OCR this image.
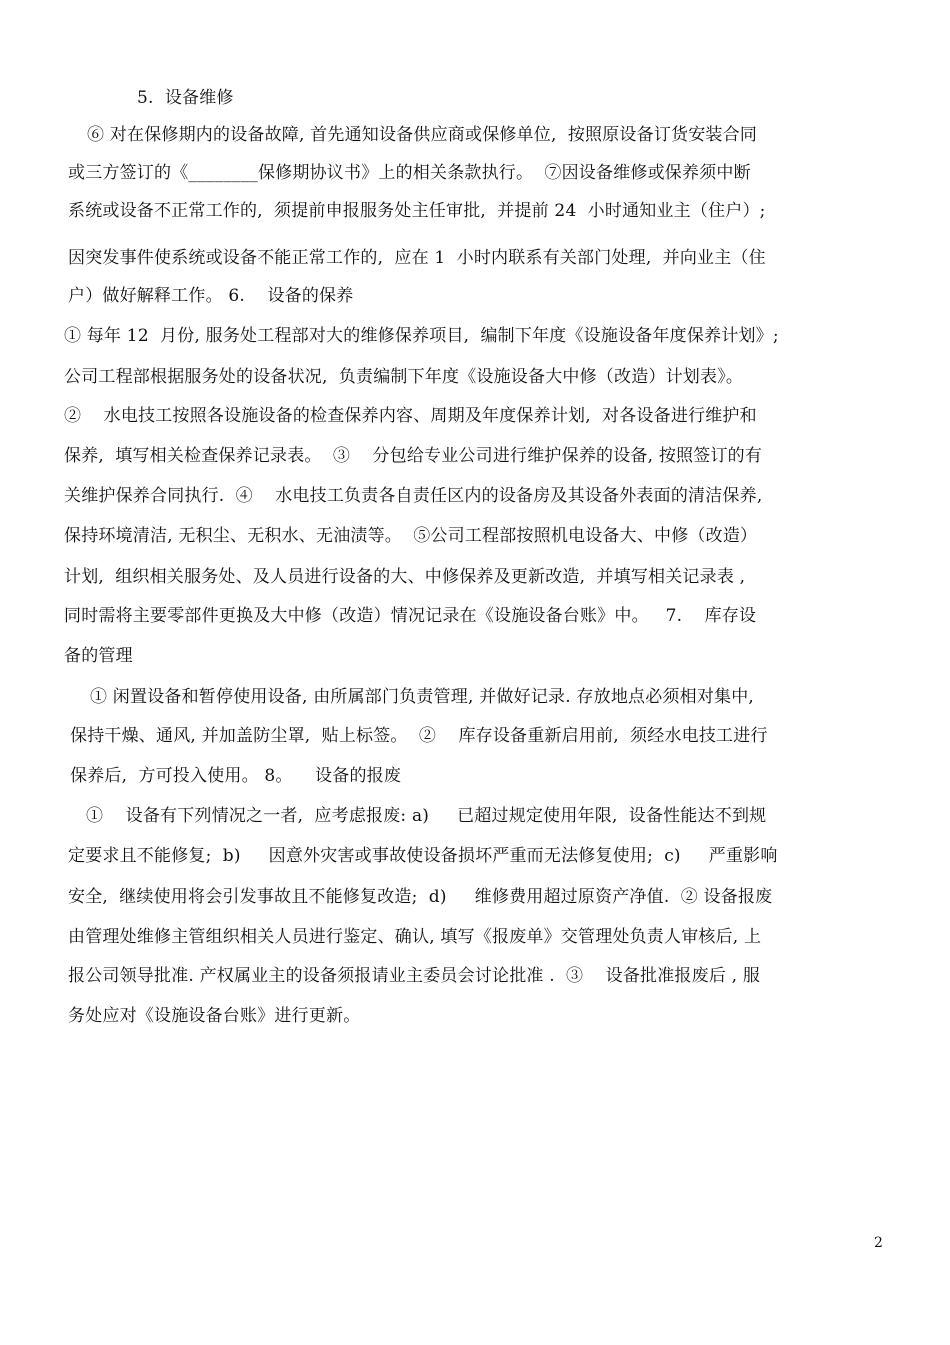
5.  设备维修
⑥ 对在保修期内的设备故障, 首先通知设备供应商或保修单位,  按照原设备订货安装合同
或三方签订的《________保修期协议书》上的相关条款执行。  ⑦因设备维修或保养须中断
系统或设备不正常工作的,  须提前申报服务处主任审批,  并提前 24  小时通知业主（住户）;
因突发事件使系统或设备不能正常工作的,  应在 1  小时内联系有关部门处理,  并向业主（住
户）做好解释工作。 6.    设备的保养
① 每年 12  月份, 服务处工程部对大的维修保养项目,  编制下年度《设施设备年度保养计划》;
公司工程部根据服务处的设备状况,  负责编制下年度《设施设备大中修（改造）计划表》。
②    水电技工按照各设施设备的检查保养内容、周期及年度保养计划,  对各设备进行维护和
保养,  填写相关检查保养记录表。  ③    分包给专业公司进行维护保养的设备, 按照签订的有
关维护保养合同执行.  ④    水电技工负责各自责任区内的设备房及其设备外表面的清洁保养,
保持环境清洁, 无积尘、无积水、无油渍等。  ⑤公司工程部按照机电设备大、中修（改造）
计划,  组织相关服务处、及人员进行设备的大、中修保养及更新改造,  并填写相关记录表 ,
同时需将主要零部件更换及大中修（改造）情况记录在《设施设备台账》中。   7.    库存设
备的管理
① 闲置设备和暂停使用设备, 由所属部门负责管理, 并做好记录. 存放地点必须相对集中,
保持干燥、通风, 并加盖防尘罩,  贴上标签。  ②    库存设备重新启用前,  须经水电技工进行
保养后,  方可投入使用。 8。    设备的报废
①    设备有下列情况之一者,  应考虑报废: a)     已超过规定使用年限,  设备性能达不到规
定要求且不能修复;  b)     因意外灾害或事故使设备损坏严重而无法修复使用;  c)     严重影响
安全,  继续使用将会引发事故且不能修复改造;  d)     维修费用超过原资产净值.  ② 设备报废
由管理处维修主管组织相关人员进行鉴定、确认, 填写《报废单》交管理处负责人审核后, 上
报公司领导批准. 产权属业主的设备须报请业主委员会讨论批准 .  ③    设备批准报废后 , 服
务处应对《设施设备台账》进行更新。
2
